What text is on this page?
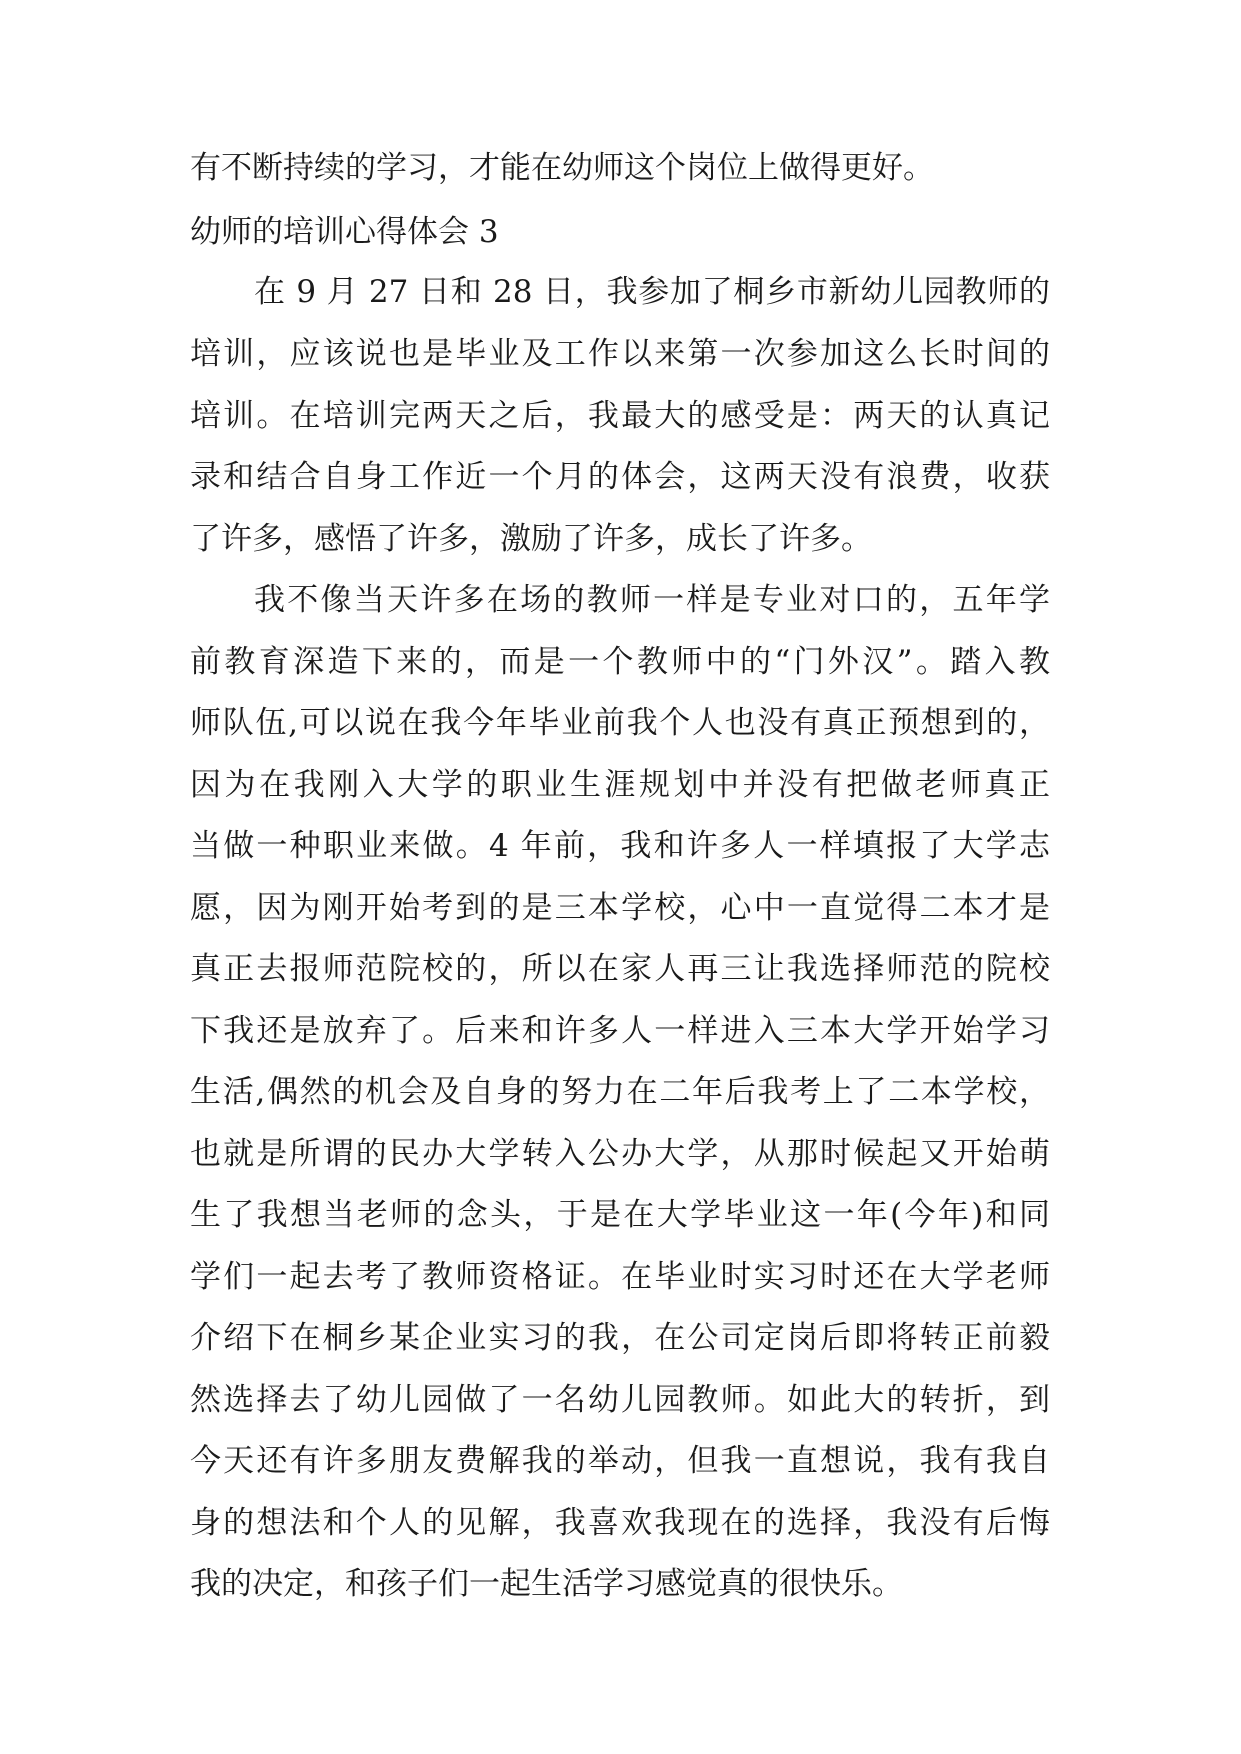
有不断持续的学习，才能在幼师这个岗位上做得更好。
幼师的培训心得体会 3
在 9 月 27 日和 28 日，我参加了桐乡市新幼儿园教师的
培训，应该说也是毕业及工作以来第一次参加这么长时间的
培训。在培训完两天之后，我最大的感受是：两天的认真记
录和结合自身工作近一个月的体会，这两天没有浪费，收获
了许多，感悟了许多，激励了许多，成长了许多。
我不像当天许多在场的教师一样是专业对口的，五年学
前教育深造下来的，而是一个教师中的“门外汉”。踏入教
师队伍,可以说在我今年毕业前我个人也没有真正预想到的，
因为在我刚入大学的职业生涯规划中并没有把做老师真正
当做一种职业来做。4 年前，我和许多人一样填报了大学志
愿，因为刚开始考到的是三本学校，心中一直觉得二本才是
真正去报师范院校的，所以在家人再三让我选择师范的院校
下我还是放弃了。后来和许多人一样进入三本大学开始学习
生活,偶然的机会及自身的努力在二年后我考上了二本学校，
也就是所谓的民办大学转入公办大学，从那时候起又开始萌
生了我想当老师的念头，于是在大学毕业这一年(今年)和同
学们一起去考了教师资格证。在毕业时实习时还在大学老师
介绍下在桐乡某企业实习的我，在公司定岗后即将转正前毅
然选择去了幼儿园做了一名幼儿园教师。如此大的转折，到
今天还有许多朋友费解我的举动，但我一直想说，我有我自
身的想法和个人的见解，我喜欢我现在的选择，我没有后悔
我的决定，和孩子们一起生活学习感觉真的很快乐。
